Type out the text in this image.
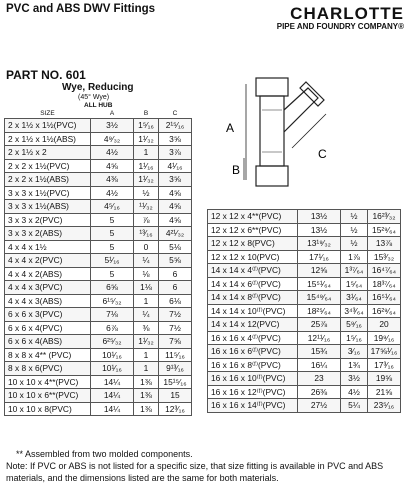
PVC and ABS DWV Fittings	CHARLOTTE
PIPE AND FOUNDRY COMPANY®
PART NO. 601
Wye, Reducing
(45° Wye)
ALL HUB
SIZE	A	B	C
2 x 1½ x 1½(PVC)	3½	1⁵⁄₁₆	2¹⁵⁄₁₆
2 x 1½ x 1½(ABS)	4⁹⁄₃₂	1¹⁄₃₂	3⅝
2 x 1½ x 2	4½	1	3⅞
2 x 2 x 1½(PVC)	4⅝	1¹⁄₁₆	4¹⁄₁₆
2 x 2 x 1½(ABS)	4⅜	1¹⁄₃₂	3⅝
3 x 3 x 1½(PVC)	4½	½	4⅝
3 x 3 x 1½(ABS)	4⁵⁄₁₆	¹¹⁄₃₂	4⅝
3 x 3 x 2(PVC)	5	⅞	4⅝
3 x 3 x 2(ABS)	5	¹³⁄₁₆	4²¹⁄₃₂
4 x 4 x 1½	5	0	5⅛
4 x 4 x 2(PVC)	5¹⁄₁₆	¼	5⅝
4 x 4 x 2(ABS)	5	⅛	6
4 x 4 x 3(PVC)	6⅝	1⅛	6
4 x 4 x 3(ABS)	6¹⁵⁄₃₂	1	6⅛
6 x 6 x 3(PVC)	7⅛	¼	7½
6 x 6 x 4(PVC)	6⅞	⅜	7½
6 x 6 x 4(ABS)	6²⁵⁄₃₂	1¹⁄₃₂	7⅝
8 x 8 x 4** (PVC)	10¹⁄₁₆	1	11⁵⁄₁₆
8 x 8 x 6(PVC)	10¹⁄₁₆	1	9¹³⁄₁₆
10 x 10 x 4**(PVC)	14¼	1⅜	15¹⁵⁄₁₆
10 x 10 x 6**(PVC)	14¼	1⅜	15
10 x 10 x 8(PVC)	14¼	1⅜	12³⁄₁₆
A
B
C
12 x 12 x 4**(PVC)	13½	½	16²³⁄₃₂
12 x 12 x 6**(PVC)	13½	½	15²⁹⁄₆₄
12 x 12 x 8(PVC)	13¹⁹⁄₃₂	½	13⅞
12 x 12 x 10(PVC)	17¹⁄₁₆	1⅞	15³⁄₃₂
14 x 14 x 4⁽ᶠ⁾(PVC)	12⅝	1³⁷⁄₆₄	16⁴⁷⁄₆₄
14 x 14 x 6⁽ᶠ⁾(PVC)	15⁵¹⁄₆₄	1⁵⁄₆₄	18³⁷⁄₆₄
14 x 14 x 8⁽ᶠ⁾(PVC)	15⁴⁹⁄₆₄	3¹⁄₆₄	16⁵¹⁄₆₄
14 x 14 x 10⁽ᶠ⁾(PVC)	18²⁵⁄₆₄	3⁴³⁄₆₄	16²⁹⁄₆₄
14 x 14 x 12(PVC)	25⅞	5⁹⁄₁₆	20
16 x 16 x 4⁽ᶠ⁾(PVC)	12¹¹⁄₁₆	1⁵⁄₁₆	19⁹⁄₁₆
16 x 16 x 6⁽ᶠ⁾(PVC)	15¾	3⁄₁₆	17⅝¹⁄₁₆
16 x 16 x 8⁽ᶠ⁾(PVC)	16¼	1¾	17³⁄₁₆
16 x 16 x 10⁽ᶠ⁾(PVC)	23	3½	19⅝
16 x 16 x 12⁽ᶠ⁾(PVC)	26⅜	4½	21⅝
16 x 16 x 14⁽ᶠ⁾(PVC)	27½	5¼	23⁵⁄₁₆
** Assembled from two molded components.
Note: If PVC or ABS is not listed for a specific size, that size fitting is available in PVC and ABS materials, and the dimensions listed are the same for both materials.
